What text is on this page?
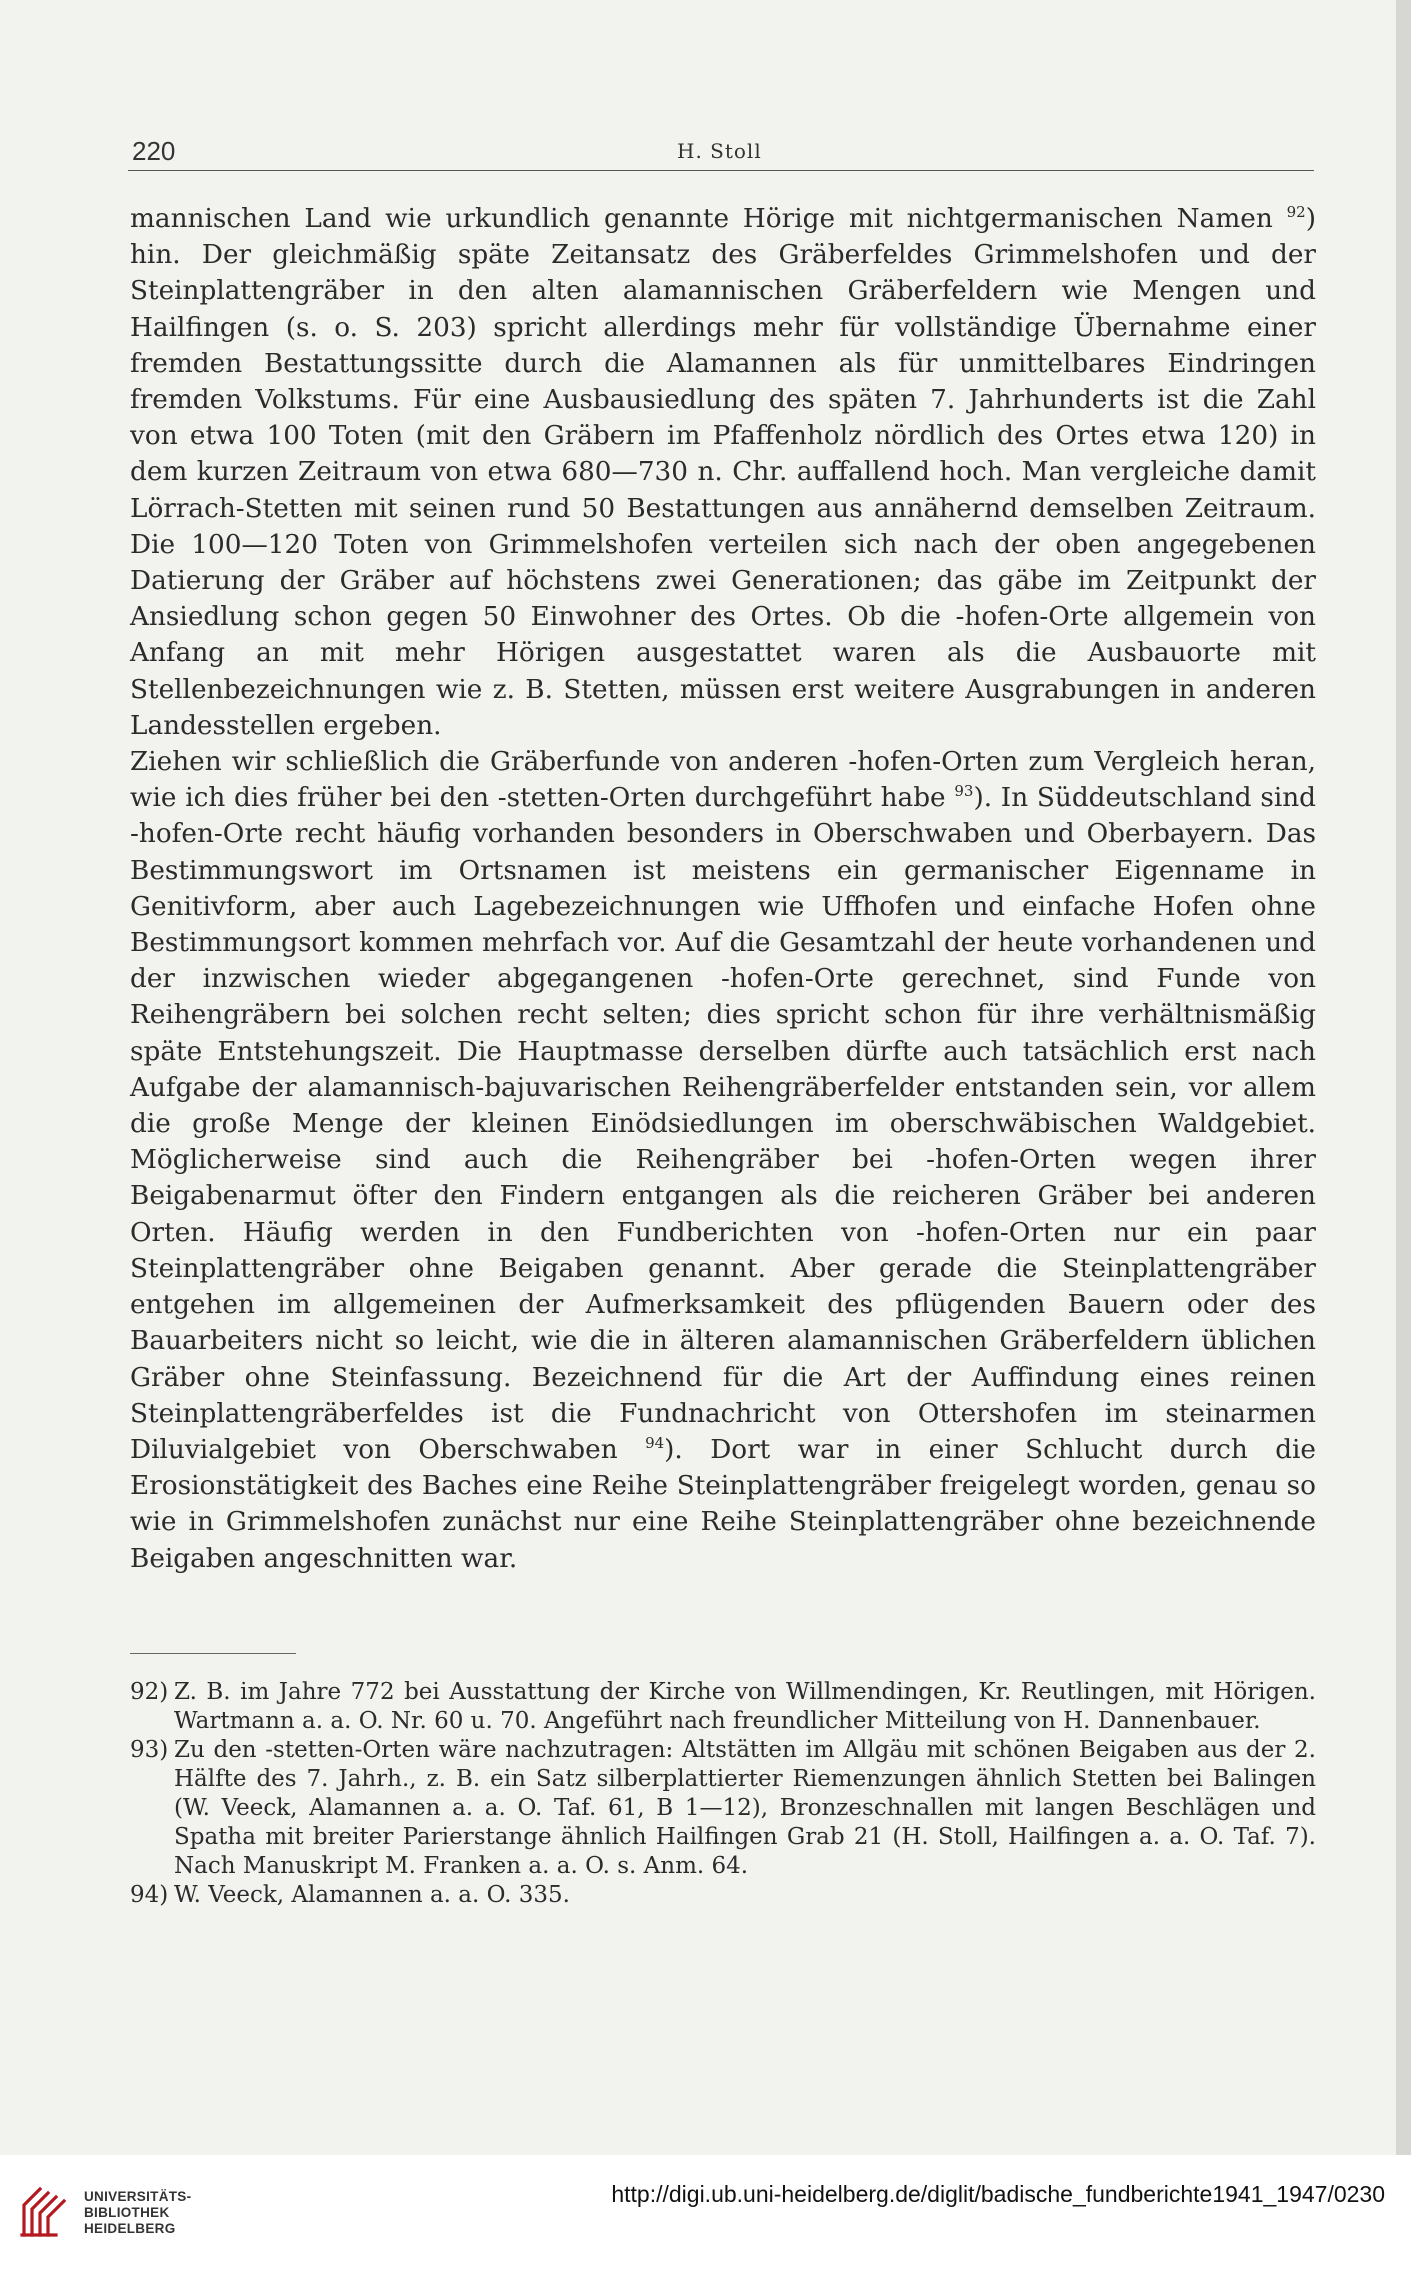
220	H. Stoll

mannischen Land wie urkundlich genannte Hörige mit nichtgermanischen Namen $^{92}$) hin. Der gleichmäßig späte Zeitansatz des Gräberfeldes Grimmelshofen und der Steinplattengräber in den alten alamannischen Gräberfeldern wie Mengen und Hailfingen (s. o. S. 203) spricht allerdings mehr für vollständige Übernahme einer fremden Bestattungssitte durch die Alamannen als für unmittelbares Eindringen fremden Volkstums. Für eine Ausbausiedlung des späten 7. Jahrhunderts ist die Zahl von etwa 100 Toten (mit den Gräbern im Pfaffenholz nördlich des Ortes etwa 120) in dem kurzen Zeitraum von etwa 680—730 n. Chr. auffallend hoch. Man vergleiche damit Lörrach-Stetten mit seinen rund 50 Bestattungen aus annähernd demselben Zeitraum. Die 100—120 Toten von Grimmelshofen verteilen sich nach der oben angegebenen Datierung der Gräber auf höchstens zwei Generationen; das gäbe im Zeitpunkt der Ansiedlung schon gegen 50 Einwohner des Ortes. Ob die -hofen-Orte allgemein von Anfang an mit mehr Hörigen ausgestattet waren als die Ausbauorte mit Stellenbezeichnungen wie z. B. Stetten, müssen erst weitere Ausgrabungen in anderen Landesstellen ergeben.

Ziehen wir schließlich die Gräberfunde von anderen -hofen-Orten zum Vergleich heran, wie ich dies früher bei den -stetten-Orten durchgeführt habe $^{93}$). In Süddeutschland sind -hofen-Orte recht häufig vorhanden besonders in Oberschwaben und Oberbayern. Das Bestimmungswort im Ortsnamen ist meistens ein germanischer Eigenname in Genitivform, aber auch Lagebezeichnungen wie Uffhofen und einfache Hofen ohne Bestimmungsort kommen mehrfach vor. Auf die Gesamtzahl der heute vorhandenen und der inzwischen wieder abgegangenen -hofen-Orte gerechnet, sind Funde von Reihengräbern bei solchen recht selten; dies spricht schon für ihre verhältnismäßig späte Entstehungszeit. Die Hauptmasse derselben dürfte auch tatsächlich erst nach Aufgabe der alamannisch-bajuvarischen Reihengräberfelder entstanden sein, vor allem die große Menge der kleinen Einödsiedlungen im oberschwäbischen Waldgebiet. Möglicherweise sind auch die Reihengräber bei -hofen-Orten wegen ihrer Beigabenarmut öfter den Findern entgangen als die reicheren Gräber bei anderen Orten. Häufig werden in den Fundberichten von -hofen-Orten nur ein paar Steinplattengräber ohne Beigaben genannt. Aber gerade die Steinplattengräber entgehen im allgemeinen der Aufmerksamkeit des pflügenden Bauern oder des Bauarbeiters nicht so leicht, wie die in älteren alamannischen Gräberfeldern üblichen Gräber ohne Steinfassung. Bezeichnend für die Art der Auffindung eines reinen Steinplattengräberfeldes ist die Fundnachricht von Ottershofen im steinarmen Diluvialgebiet von Oberschwaben $^{94}$). Dort war in einer Schlucht durch die Erosionstätigkeit des Baches eine Reihe Steinplattengräber freigelegt worden, genau so wie in Grimmelshofen zunächst nur eine Reihe Steinplattengräber ohne bezeichnende Beigaben angeschnitten war.

92) Z. B. im Jahre 772 bei Ausstattung der Kirche von Willmendingen, Kr. Reutlingen, mit Hörigen. Wartmann a. a. O. Nr. 60 u. 70. Angeführt nach freundlicher Mitteilung von H. Dannenbauer.

93) Zu den -stetten-Orten wäre nachzutragen: Altstätten im Allgäu mit schönen Beigaben aus der 2. Hälfte des 7. Jahrh., z. B. ein Satz silberplattierter Riemenzungen ähnlich Stetten bei Balingen (W. Veeck, Alamannen a. a. O. Taf. 61, B 1—12), Bronzeschnallen mit langen Beschlägen und Spatha mit breiter Parierstange ähnlich Hailfingen Grab 21 (H. Stoll, Hailfingen a. a. O. Taf. 7). Nach Manuskript M. Franken a. a. O. s. Anm. 64.

94) W. Veeck, Alamannen a. a. O. 335.

UNIVERSITÄTS-
BIBLIOTHEK
HEIDELBERG
http://digi.ub.uni-heidelberg.de/diglit/badische_fundberichte1941_1947/0230
